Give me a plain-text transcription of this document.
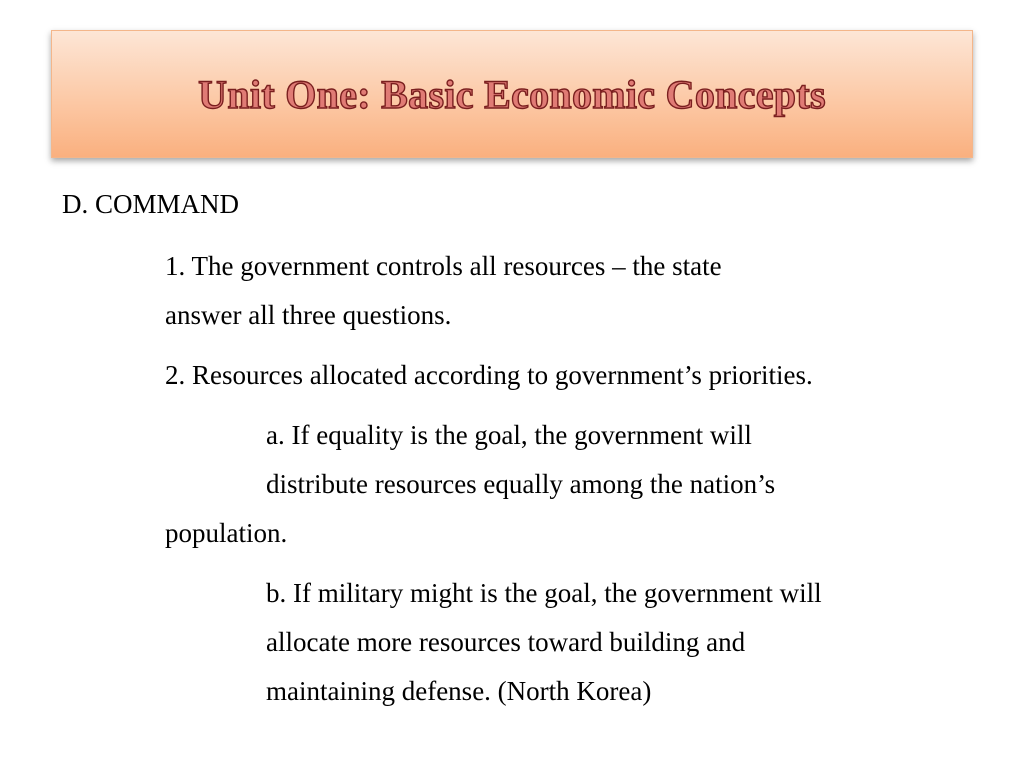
Unit One: Basic Economic Concepts
D. COMMAND
1. The government controls all resources – the state
answer all three questions.
2. Resources allocated according to government’s priorities.
a. If equality is the goal, the government will
distribute resources equally among the nation’s
population.
b. If military might is the goal, the government will
allocate more resources toward building and
maintaining defense. (North Korea)
